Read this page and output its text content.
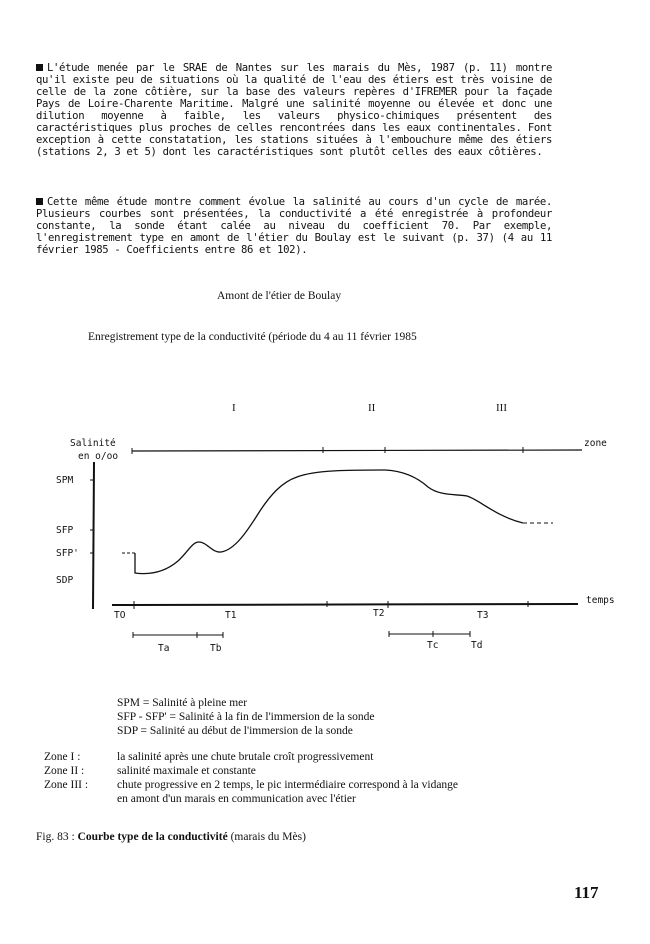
L'étude menée par le SRAE de Nantes sur les marais du Mès, 1987 (p. 11) montre qu'il existe peu de situations où la qualité de l'eau des étiers est très voisine de celle de la zone côtière, sur la base des valeurs repères d'IFREMER pour la façade Pays de Loire-Charente Maritime. Malgré une salinité moyenne ou élevée et donc une dilution moyenne à faible, les valeurs physico-chimiques présentent des caractéristiques plus proches de celles rencontrées dans les eaux continentales. Font exception à cette constatation, les stations situées à l'embouchure même des étiers (stations 2, 3 et 5) dont les caractéristiques sont plutôt celles des eaux côtières.
Cette même étude montre comment évolue la salinité au cours d'un cycle de marée. Plusieurs courbes sont présentées, la conductivité a été enregistrée à profondeur constante, la sonde étant calée au niveau du coefficient 70. Par exemple, l'enregistrement type en amont de l'étier du Boulay est le suivant (p. 37) (4 au 11 février 1985 - Coefficients entre 86 et 102).
Amont de l'étier de Boulay
Enregistrement type de la conductivité (période du 4 au 11 février 1985
I	II	III
Salinité
en o/oo
zone
temps
SPM
SFP
SFP'
SDP
TO	T1	T2	T3
Ta	Tb	Tc	Td
SPM = Salinité à pleine mer
SFP - SFP' = Salinité à la fin de l'immersion de la sonde
SDP = Salinité au début de l'immersion de la sonde
Zone I :	la salinité après une chute brutale croît progressivement
Zone II :	salinité maximale et constante
Zone III :	chute progressive en 2 temps, le pic intermédiaire correspond à la vidange
en amont d'un marais en communication avec l'étier
Fig. 83 : Courbe type de la conductivité (marais du Mès)
117
